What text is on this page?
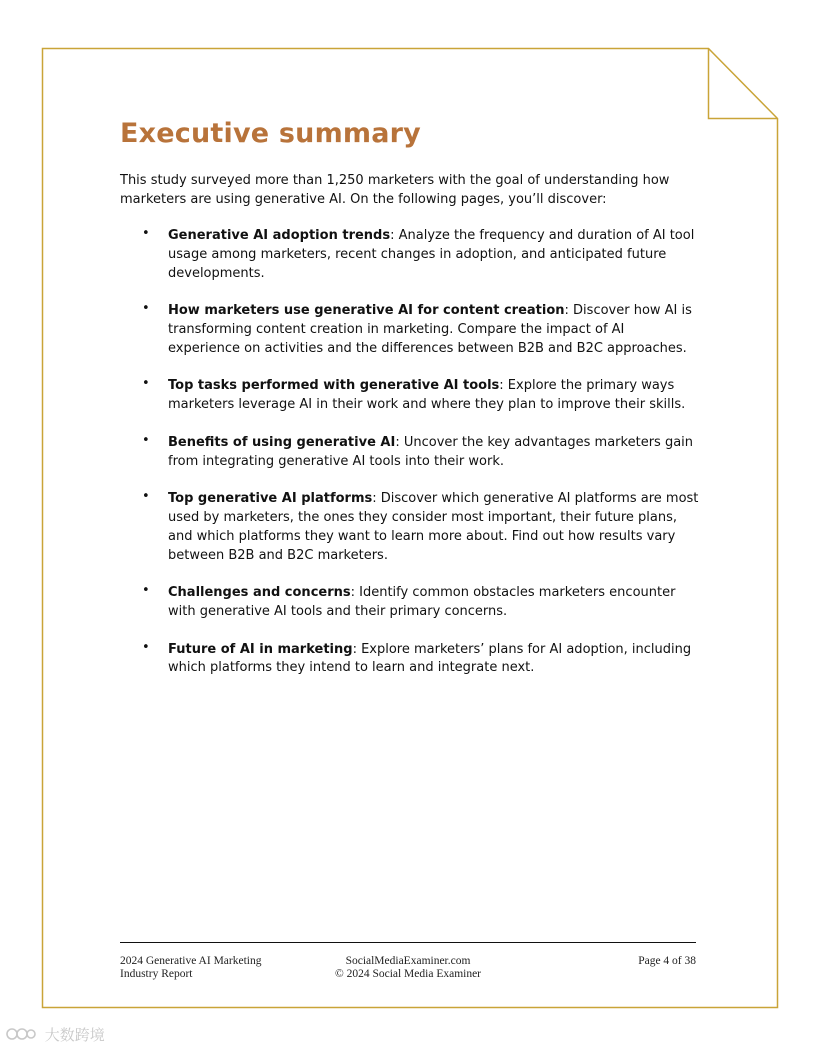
Executive summary

This study surveyed more than 1,250 marketers with the goal of understanding how marketers are using generative AI. On the following pages, you’ll discover:

• Generative AI adoption trends: Analyze the frequency and duration of AI tool usage among marketers, recent changes in adoption, and anticipated future developments.
• How marketers use generative AI for content creation: Discover how AI is transforming content creation in marketing. Compare the impact of AI experience on activities and the differences between B2B and B2C approaches.
• Top tasks performed with generative AI tools: Explore the primary ways marketers leverage AI in their work and where they plan to improve their skills.
• Benefits of using generative AI: Uncover the key advantages marketers gain from integrating generative AI tools into their work.
• Top generative AI platforms: Discover which generative AI platforms are most used by marketers, the ones they consider most important, their future plans, and which platforms they want to learn more about. Find out how results vary between B2B and B2C marketers.
• Challenges and concerns: Identify common obstacles marketers encounter with generative AI tools and their primary concerns.
• Future of AI in marketing: Explore marketers’ plans for AI adoption, including which platforms they intend to learn and integrate next.
2024 Generative AI Marketing
Industry Report
SocialMediaExaminer.com
© 2024 Social Media Examiner
Page 4 of 38
大数跨境
